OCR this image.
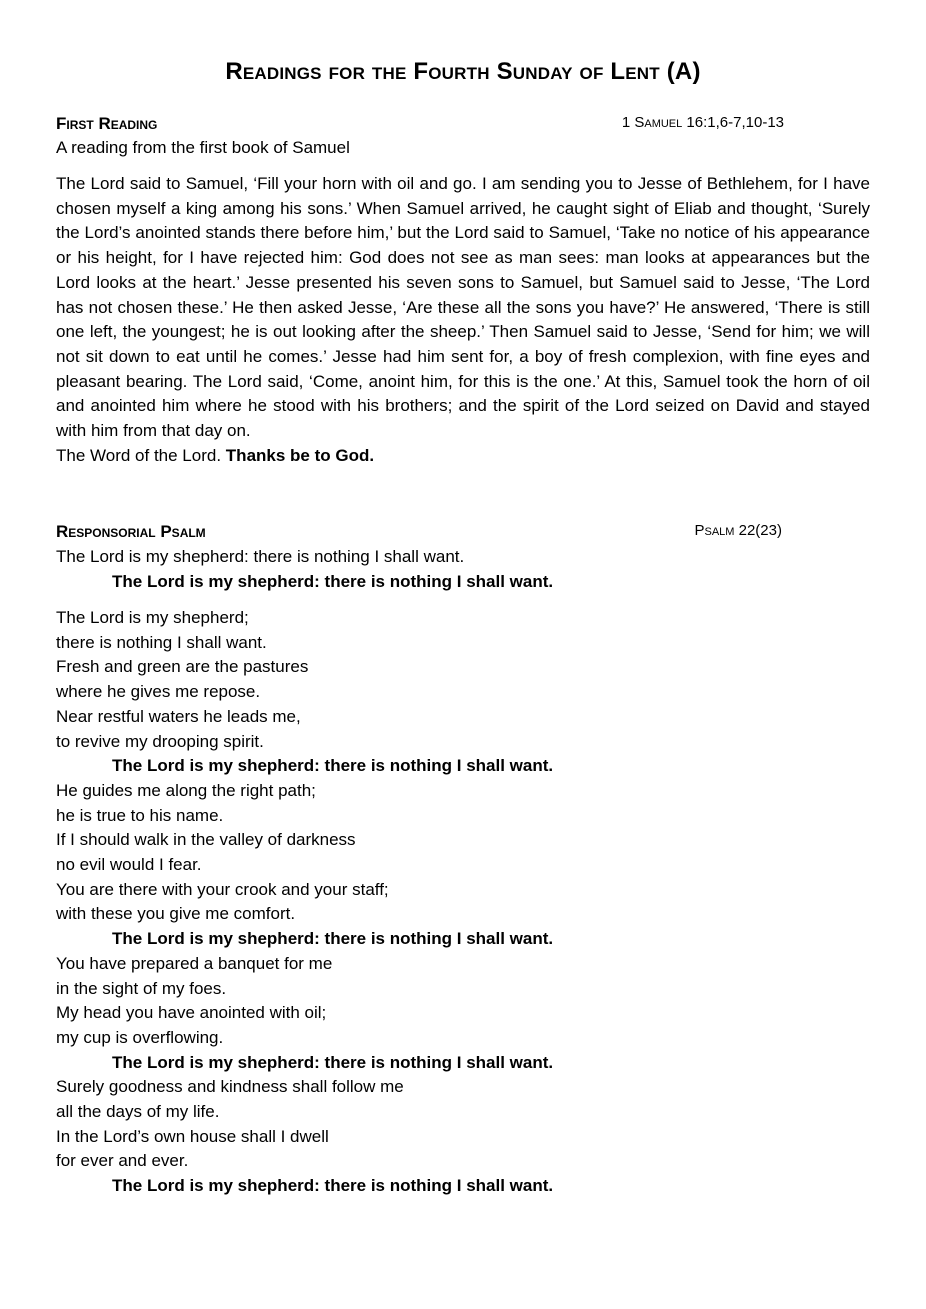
Readings for the Fourth Sunday of Lent (A)
First Reading	1 Samuel 16:1,6-7,10-13
A reading from the first book of Samuel
The Lord said to Samuel, ‘Fill your horn with oil and go. I am sending you to Jesse of Bethlehem, for I have chosen myself a king among his sons.’ When Samuel arrived, he caught sight of Eliab and thought, ‘Surely the Lord’s anointed stands there before him,’ but the Lord said to Samuel, ‘Take no notice of his appearance or his height, for I have rejected him: God does not see as man sees: man looks at appearances but the Lord looks at the heart.’ Jesse presented his seven sons to Samuel, but Samuel said to Jesse, ‘The Lord has not chosen these.’ He then asked Jesse, ‘Are these all the sons you have?’ He answered, ‘There is still one left, the youngest; he is out looking after the sheep.’ Then Samuel said to Jesse, ‘Send for him; we will not sit down to eat until he comes.’ Jesse had him sent for, a boy of fresh complexion, with fine eyes and pleasant bearing. The Lord said, ‘Come, anoint him, for this is the one.’ At this, Samuel took the horn of oil and anointed him where he stood with his brothers; and the spirit of the Lord seized on David and stayed with him from that day on.
The Word of the Lord. Thanks be to God.
Responsorial Psalm	Psalm 22(23)
The Lord is my shepherd: there is nothing I shall want.
The Lord is my shepherd: there is nothing I shall want.
The Lord is my shepherd;
there is nothing I shall want.
Fresh and green are the pastures
where he gives me repose.
Near restful waters he leads me,
to revive my drooping spirit.
The Lord is my shepherd: there is nothing I shall want.
He guides me along the right path;
he is true to his name.
If I should walk in the valley of darkness
no evil would I fear.
You are there with your crook and your staff;
with these you give me comfort.
The Lord is my shepherd: there is nothing I shall want.
You have prepared a banquet for me
in the sight of my foes.
My head you have anointed with oil;
my cup is overflowing.
The Lord is my shepherd: there is nothing I shall want.
Surely goodness and kindness shall follow me
all the days of my life.
In the Lord’s own house shall I dwell
for ever and ever.
The Lord is my shepherd: there is nothing I shall want.
